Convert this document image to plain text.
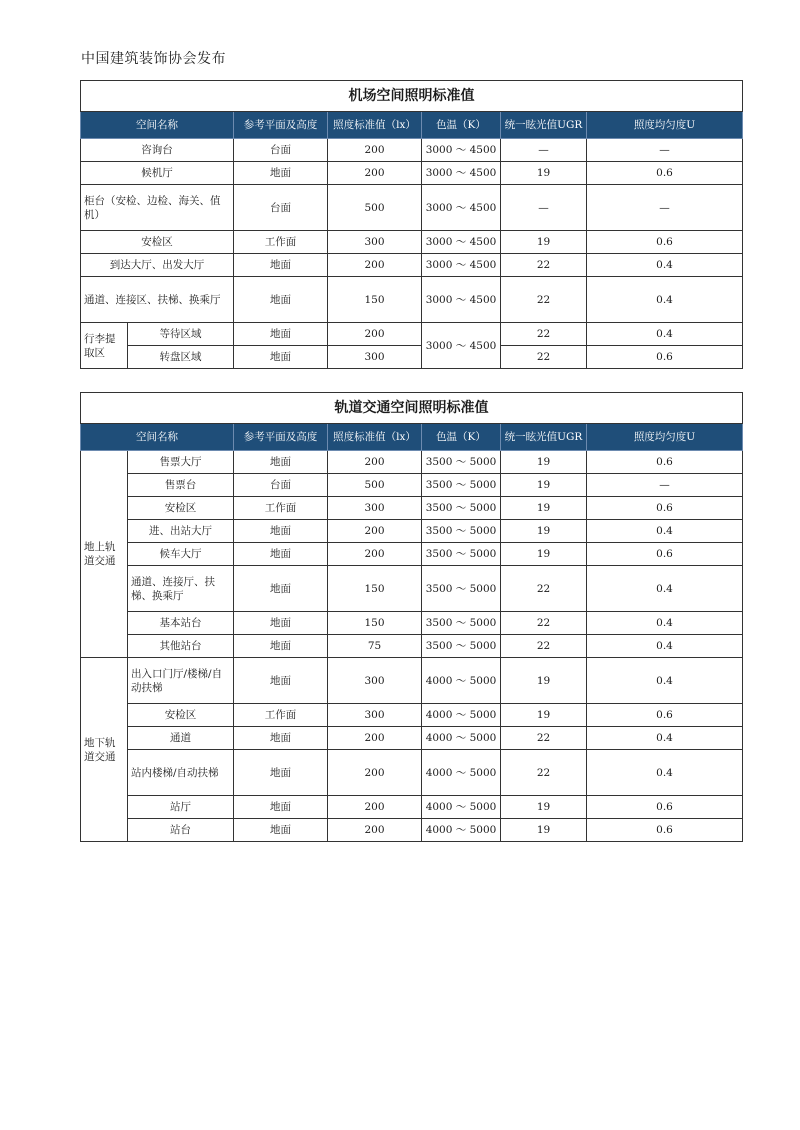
中国建筑装饰协会发布
机场空间照明标准值						
空间名称		参考平面及高度	照度标准值（lx）	色温（K）	统一眩光值UGR	照度均匀度U
咨询台		台面	200	3000 ～ 4500	—	—
候机厅		地面	200	3000 ～ 4500	19	0.6
柜台（安检、边检、海关、值机）		台面	500	3000 ～ 4500	—	—
安检区		工作面	300	3000 ～ 4500	19	0.6
到达大厅、出发大厅		地面	200	3000 ～ 4500	22	0.4
通道、连接区、扶梯、换乘厅		地面	150	3000 ～ 4500	22	0.4
行李提取区	等待区域	地面	200	3000 ～ 4500	22	0.4
	转盘区域	地面	300		22	0.6
轨道交通空间照明标准值						
空间名称		参考平面及高度	照度标准值（lx）	色温（K）	统一眩光值UGR	照度均匀度U
地上轨道交通	售票大厅	地面	200	3500 ～ 5000	19	0.6
	售票台	台面	500	3500 ～ 5000	19	—
	安检区	工作面	300	3500 ～ 5000	19	0.6
	进、出站大厅	地面	200	3500 ～ 5000	19	0.4
	候车大厅	地面	200	3500 ～ 5000	19	0.6
	通道、连接厅、扶梯、换乘厅	地面	150	3500 ～ 5000	22	0.4
	基本站台	地面	150	3500 ～ 5000	22	0.4
	其他站台	地面	75	3500 ～ 5000	22	0.4
地下轨道交通	出入口门厅/楼梯/自动扶梯	地面	300	4000 ～ 5000	19	0.4
	安检区	工作面	300	4000 ～ 5000	19	0.6
	通道	地面	200	4000 ～ 5000	22	0.4
	站内楼梯/自动扶梯	地面	200	4000 ～ 5000	22	0.4
	站厅	地面	200	4000 ～ 5000	19	0.6
	站台	地面	200	4000 ～ 5000	19	0.6
